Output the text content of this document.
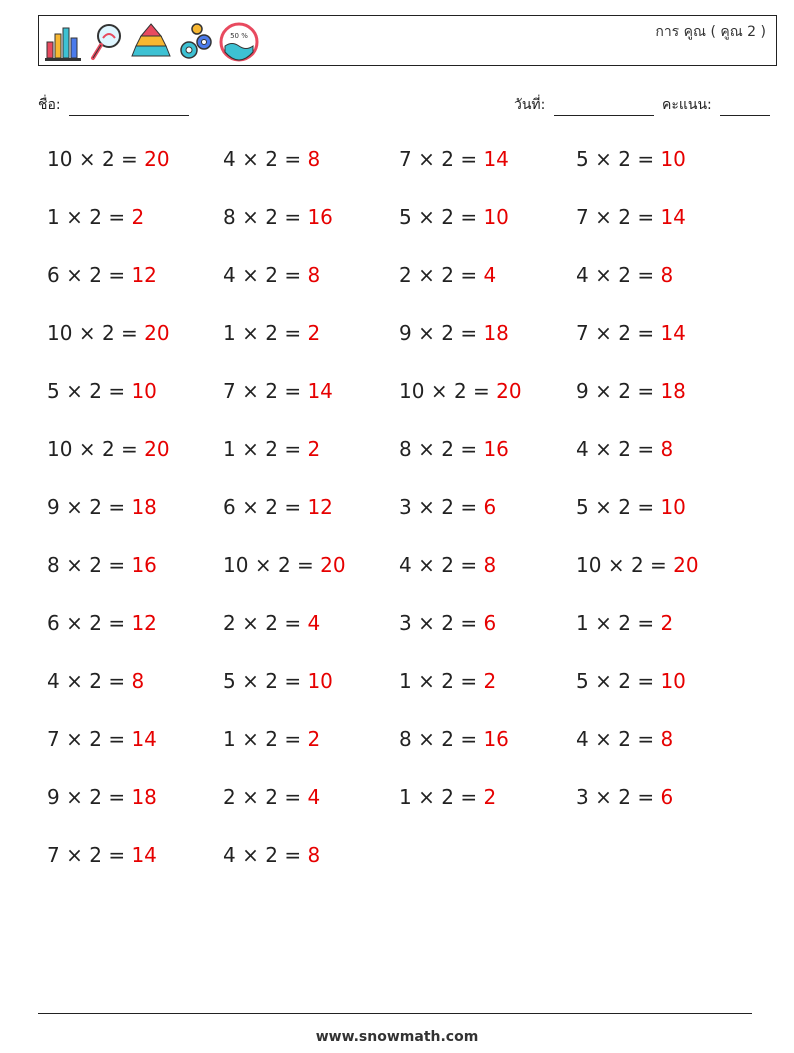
50 %	การ คูณ ( คูณ 2 )
ชื่อ:	วันที่:	คะแนน:
10 × 2 = 20	4 × 2 = 8	7 × 2 = 14	5 × 2 = 10
1 × 2 = 2	8 × 2 = 16	5 × 2 = 10	7 × 2 = 14
6 × 2 = 12	4 × 2 = 8	2 × 2 = 4	4 × 2 = 8
10 × 2 = 20	1 × 2 = 2	9 × 2 = 18	7 × 2 = 14
5 × 2 = 10	7 × 2 = 14	10 × 2 = 20	9 × 2 = 18
10 × 2 = 20	1 × 2 = 2	8 × 2 = 16	4 × 2 = 8
9 × 2 = 18	6 × 2 = 12	3 × 2 = 6	5 × 2 = 10
8 × 2 = 16	10 × 2 = 20	4 × 2 = 8	10 × 2 = 20
6 × 2 = 12	2 × 2 = 4	3 × 2 = 6	1 × 2 = 2
4 × 2 = 8	5 × 2 = 10	1 × 2 = 2	5 × 2 = 10
7 × 2 = 14	1 × 2 = 2	8 × 2 = 16	4 × 2 = 8
9 × 2 = 18	2 × 2 = 4	1 × 2 = 2	3 × 2 = 6
7 × 2 = 14	4 × 2 = 8
www.snowmath.com
